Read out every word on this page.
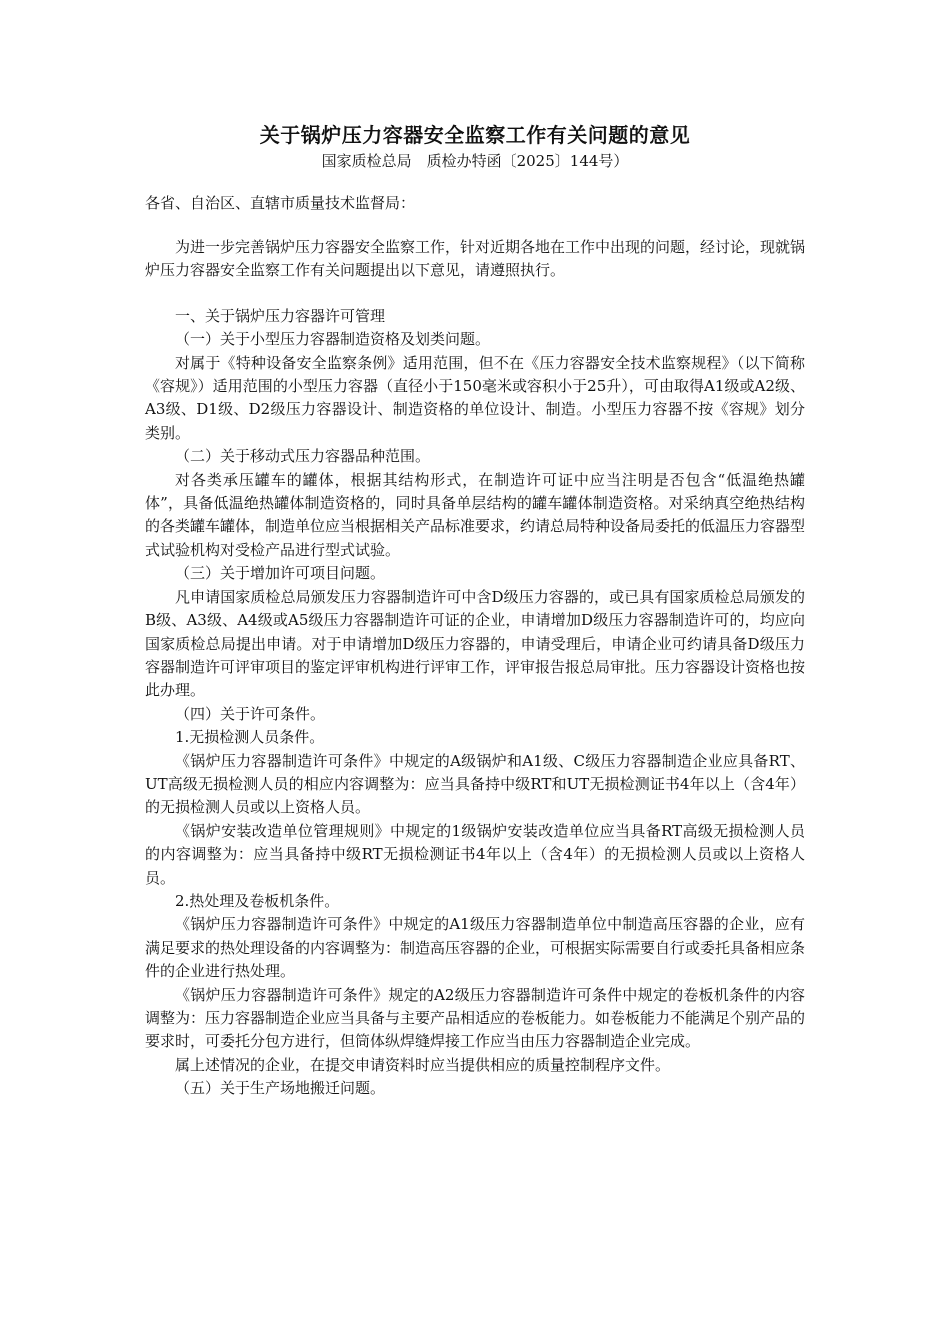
关于锅炉压力容器安全监察工作有关问题的意见

国家质检总局　质检办特函〔2025〕144号）

各省、自治区、直辖市质量技术监督局：

为进一步完善锅炉压力容器安全监察工作，针对近期各地在工作中出现的问题，经讨论，现就锅炉压力容器安全监察工作有关问题提出以下意见，请遵照执行。

一、关于锅炉压力容器许可管理

（一）关于小型压力容器制造资格及划类问题。

对属于《特种设备安全监察条例》适用范围，但不在《压力容器安全技术监察规程》（以下简称《容规》）适用范围的小型压力容器（直径小于150毫米或容积小于25升），可由取得A1级或A2级、A3级、D1级、D2级压力容器设计、制造资格的单位设计、制造。小型压力容器不按《容规》划分类别。

（二）关于移动式压力容器品种范围。

对各类承压罐车的罐体，根据其结构形式，在制造许可证中应当注明是否包含“低温绝热罐体”，具备低温绝热罐体制造资格的，同时具备单层结构的罐车罐体制造资格。对采纳真空绝热结构的各类罐车罐体，制造单位应当根据相关产品标准要求，约请总局特种设备局委托的低温压力容器型式试验机构对受检产品进行型式试验。

（三）关于增加许可项目问题。

凡申请国家质检总局颁发压力容器制造许可中含D级压力容器的，或已具有国家质检总局颁发的B级、A3级、A4级或A5级压力容器制造许可证的企业，申请增加D级压力容器制造许可的，均应向国家质检总局提出申请。对于申请增加D级压力容器的，申请受理后，申请企业可约请具备D级压力容器制造许可评审项目的鉴定评审机构进行评审工作，评审报告报总局审批。压力容器设计资格也按此办理。

（四）关于许可条件。

1.无损检测人员条件。

《锅炉压力容器制造许可条件》中规定的A级锅炉和A1级、C级压力容器制造企业应具备RT、UT高级无损检测人员的相应内容调整为：应当具备持中级RT和UT无损检测证书4年以上（含4年）的无损检测人员或以上资格人员。

《锅炉安装改造单位管理规则》中规定的1级锅炉安装改造单位应当具备RT高级无损检测人员的内容调整为：应当具备持中级RT无损检测证书4年以上（含4年）的无损检测人员或以上资格人员。

2.热处理及卷板机条件。

《锅炉压力容器制造许可条件》中规定的A1级压力容器制造单位中制造高压容器的企业，应有满足要求的热处理设备的内容调整为：制造高压容器的企业，可根据实际需要自行或委托具备相应条件的企业进行热处理。

《锅炉压力容器制造许可条件》规定的A2级压力容器制造许可条件中规定的卷板机条件的内容调整为：压力容器制造企业应当具备与主要产品相适应的卷板能力。如卷板能力不能满足个别产品的要求时，可委托分包方进行，但筒体纵焊缝焊接工作应当由压力容器制造企业完成。

属上述情况的企业，在提交申请资料时应当提供相应的质量控制程序文件。

（五）关于生产场地搬迁问题。
